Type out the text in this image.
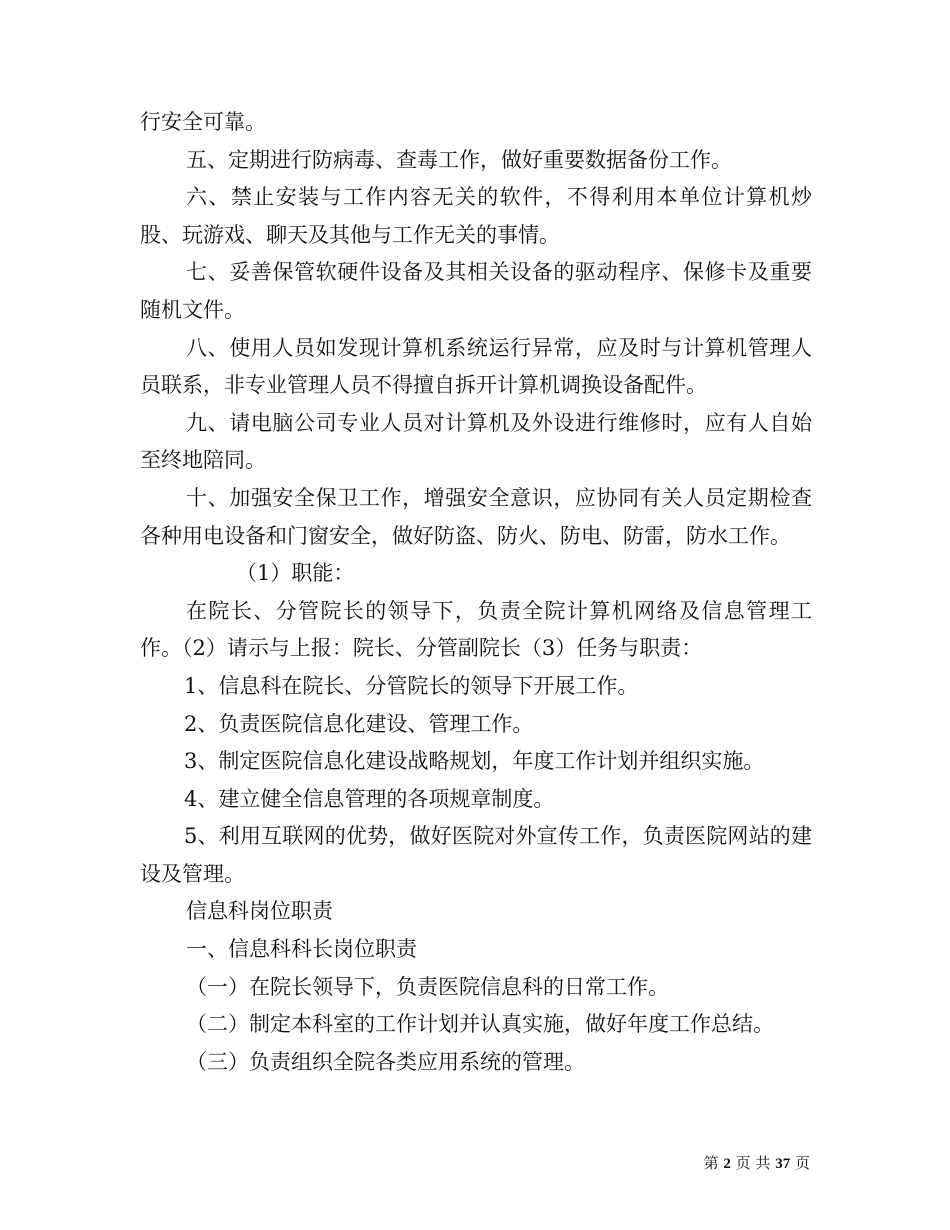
行安全可靠。

五、定期进行防病毒、查毒工作，做好重要数据备份工作。

六、禁止安装与工作内容无关的软件，不得利用本单位计算机炒股、玩游戏、聊天及其他与工作无关的事情。

七、妥善保管软硬件设备及其相关设备的驱动程序、保修卡及重要随机文件。

八、使用人员如发现计算机系统运行异常，应及时与计算机管理人员联系，非专业管理人员不得擅自拆开计算机调换设备配件。

九、请电脑公司专业人员对计算机及外设进行维修时，应有人自始至终地陪同。

十、加强安全保卫工作，增强安全意识，应协同有关人员定期检查各种用电设备和门窗安全，做好防盗、防火、防电、防雷，防水工作。

（1）职能：

在院长、分管院长的领导下，负责全院计算机网络及信息管理工作。（2）请示与上报：院长、分管副院长（3）任务与职责：

1、信息科在院长、分管院长的领导下开展工作。

2、负责医院信息化建设、管理工作。

3、制定医院信息化建设战略规划，年度工作计划并组织实施。

4、建立健全信息管理的各项规章制度。

5、利用互联网的优势，做好医院对外宣传工作，负责医院网站的建设及管理。

信息科岗位职责

一、信息科科长岗位职责

（一）在院长领导下，负责医院信息科的日常工作。

（二）制定本科室的工作计划并认真实施，做好年度工作总结。

（三）负责组织全院各类应用系统的管理。

第 2 页 共 37 页
